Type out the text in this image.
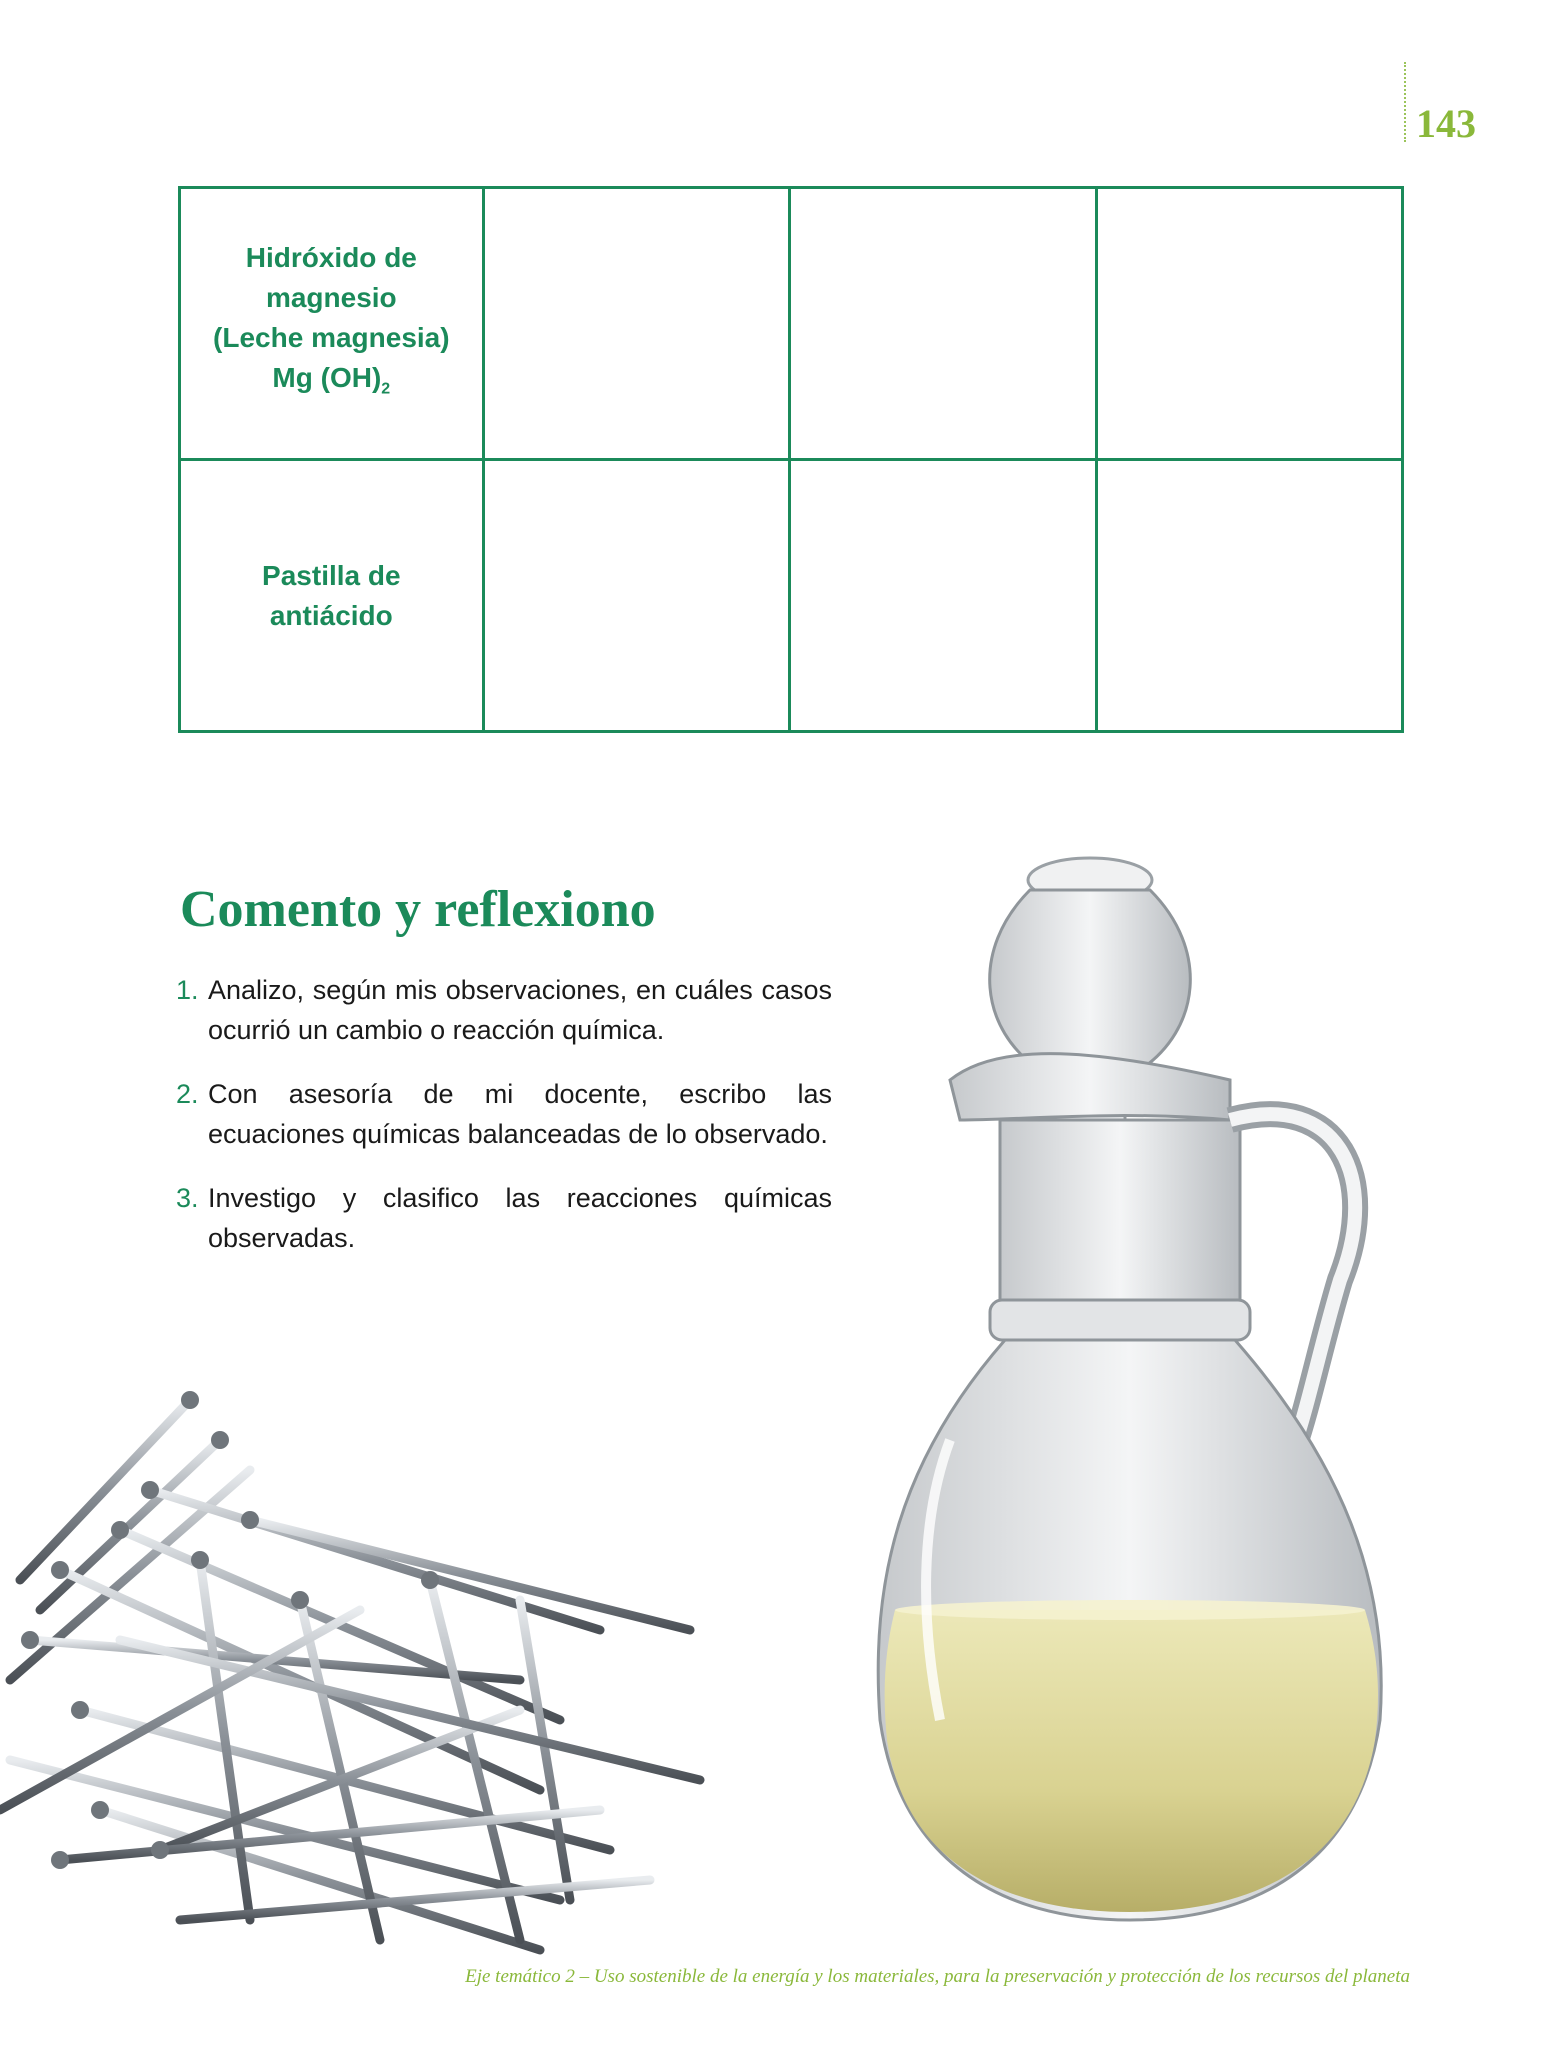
143
Hidróxido de
magnesio
(Leche magnesia)
Mg $(OH)_2$

Pastilla de
antiácido			

Comento y reflexiono
1. Analizo, según mis observaciones, en cuáles casos ocurrió un cambio o reacción química.
2. Con asesoría de mi docente, escribo las ecuaciones químicas balanceadas de lo observado.
3. Investigo y clasifico las reacciones químicas observadas.
Eje temático 2 – Uso sostenible de la energía y los materiales, para la preservación y protección de los recursos del planeta
